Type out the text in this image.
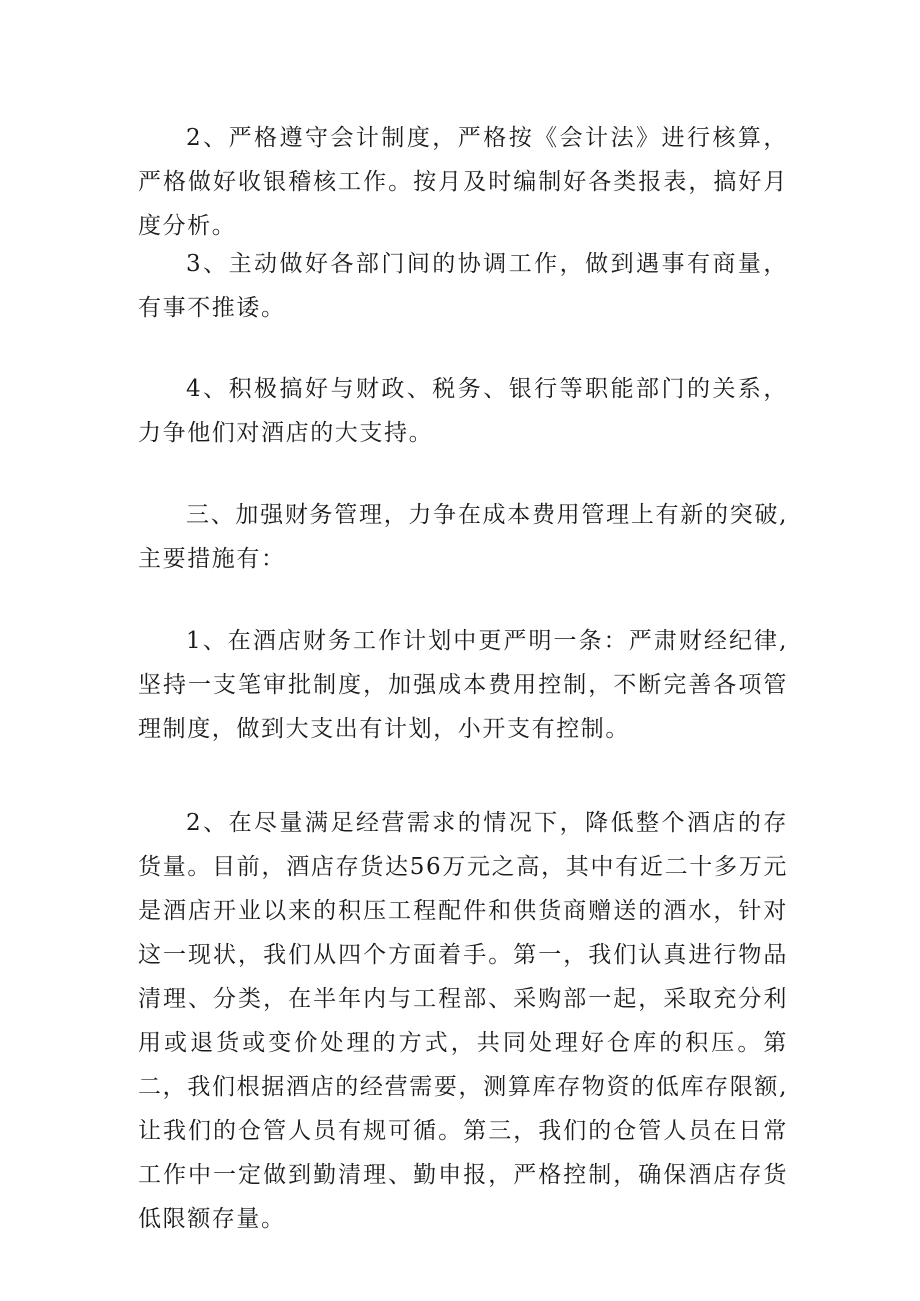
2、严格遵守会计制度，严格按《会计法》进行核算，严格做好收银稽核工作。按月及时编制好各类报表，搞好月度分析。

3、主动做好各部门间的协调工作，做到遇事有商量，有事不推诿。

4、积极搞好与财政、税务、银行等职能部门的关系，力争他们对酒店的大支持。

三、加强财务管理，力争在成本费用管理上有新的突破,主要措施有：

1、在酒店财务工作计划中更严明一条：严肃财经纪律,坚持一支笔审批制度，加强成本费用控制，不断完善各项管理制度，做到大支出有计划，小开支有控制。

2、在尽量满足经营需求的情况下，降低整个酒店的存货量。目前，酒店存货达56万元之高，其中有近二十多万元是酒店开业以来的积压工程配件和供货商赠送的酒水，针对这一现状，我们从四个方面着手。第一，我们认真进行物品清理、分类，在半年内与工程部、采购部一起，采取充分利用或退货或变价处理的方式，共同处理好仓库的积压。第二，我们根据酒店的经营需要，测算库存物资的低库存限额,让我们的仓管人员有规可循。第三，我们的仓管人员在日常工作中一定做到勤清理、勤申报，严格控制，确保酒店存货低限额存量。
